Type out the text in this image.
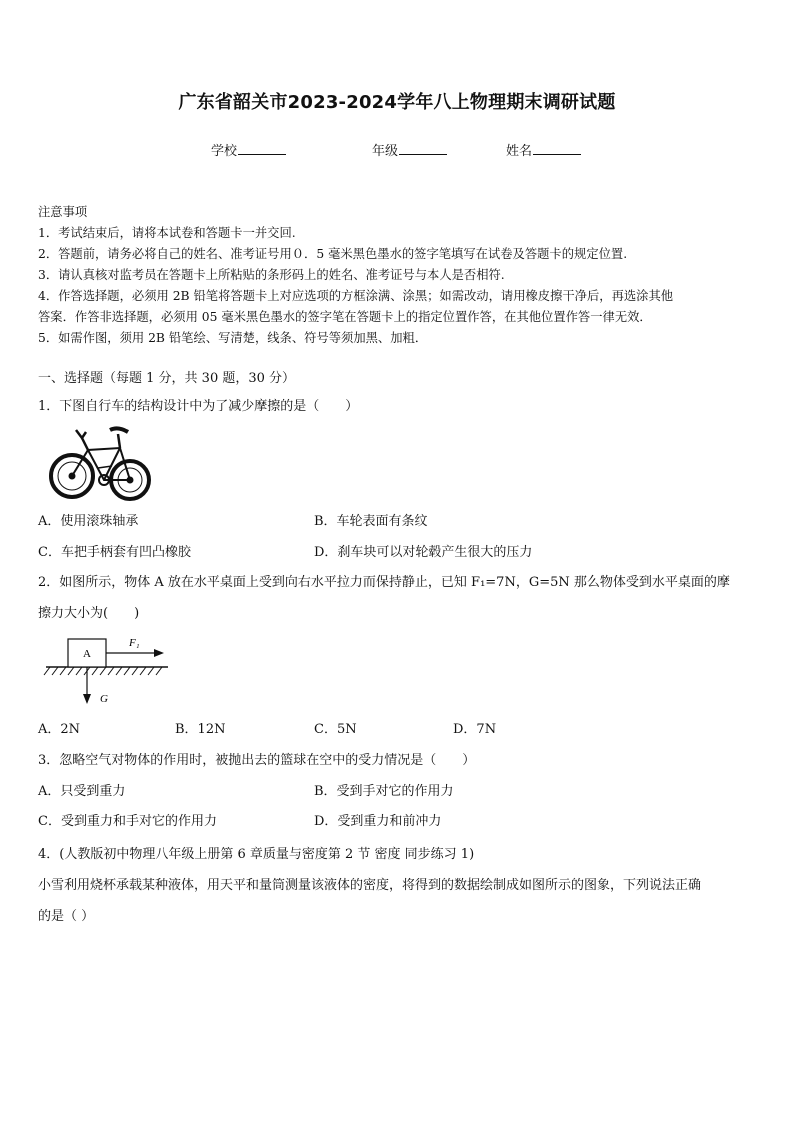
广东省韶关市2023-2024学年八上物理期末调研试题
学校	年级	姓名
注意事项
1．考试结束后，请将本试卷和答题卡一并交回.
2．答题前，请务必将自己的姓名、准考证号用０．5 毫米黑色墨水的签字笔填写在试卷及答题卡的规定位置.
3．请认真核对监考员在答题卡上所粘贴的条形码上的姓名、准考证号与本人是否相符.
4．作答选择题，必须用 2B 铅笔将答题卡上对应选项的方框涂满、涂黑；如需改动，请用橡皮擦干净后，再选涂其他
答案．作答非选择题，必须用 05 毫米黑色墨水的签字笔在答题卡上的指定位置作答，在其他位置作答一律无效．
5．如需作图，须用 2B 铅笔绘、写清楚，线条、符号等须加黑、加粗．
一、选择题（每题 1 分，共 30 题，30 分）
1．下图自行车的结构设计中为了减少摩擦的是（　　）
A．使用滚珠轴承	B．车轮表面有条纹
C．车把手柄套有凹凸橡胶	D．刹车块可以对轮毂产生很大的压力
2．如图所示，物体 A 放在水平桌面上受到向右水平拉力而保持静止，已知 F₁=7N，G=5N 那么物体受到水平桌面的摩
擦力大小为(　　)
A
F₁
G
A．2N	B．12N	C．5N	D．7N
3．忽略空气对物体的作用时，被抛出去的篮球在空中的受力情况是（　　）
A．只受到重力	B．受到手对它的作用力
C．受到重力和手对它的作用力	D．受到重力和前冲力
4．(人教版初中物理八年级上册第 6 章质量与密度第 2 节 密度 同步练习 1)
小雪利用烧杯承载某种液体，用天平和量筒测量该液体的密度，将得到的数据绘制成如图所示的图象，下列说法正确
的是（ ）
